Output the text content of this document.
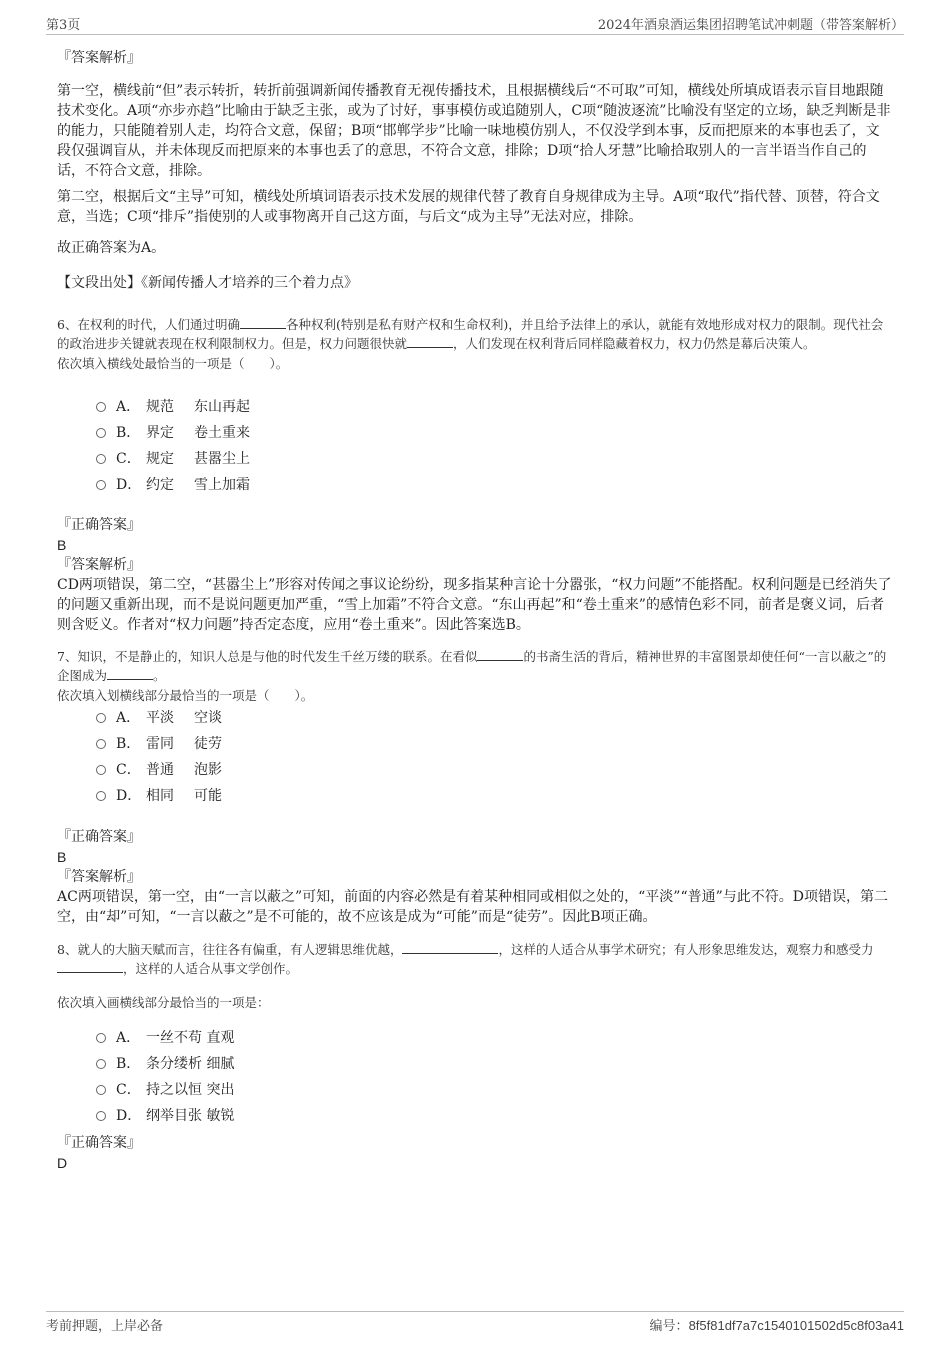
第3页	2024年酒泉酒运集团招聘笔试冲刺题（带答案解析）

『答案解析』

第一空，横线前“但”表示转折，转折前强调新闻传播教育无视传播技术，且根据横线后“不可取”可知，横线处所填成语表示盲目地跟随技术变化。A项“亦步亦趋”比喻由于缺乏主张，或为了讨好，事事模仿或追随别人，C项“随波逐流”比喻没有坚定的立场，缺乏判断是非的能力，只能随着别人走，均符合文意，保留；B项“邯郸学步”比喻一味地模仿别人，不仅没学到本事，反而把原来的本事也丢了，文段仅强调盲从，并未体现反而把原来的本事也丢了的意思，不符合文意，排除；D项“拾人牙慧”比喻拾取别人的一言半语当作自己的话，不符合文意，排除。

第二空，根据后文“主导”可知，横线处所填词语表示技术发展的规律代替了教育自身规律成为主导。A项“取代”指代替、顶替，符合文意，当选；C项“排斥”指使别的人或事物离开自己这方面，与后文“成为主导”无法对应，排除。

故正确答案为A。

【文段出处】《新闻传播人才培养的三个着力点》

6、在权利的时代，人们通过明确	各种权利(特别是私有财产权和生命权利)，并且给予法律上的承认，就能有效地形成对权力的限制。现代社会的政治进步关键就表现在权利限制权力。但是，权力问题很快就	，人们发现在权利背后同样隐藏着权力，权力仍然是幕后决策人。

依次填入横线处最恰当的一项是（　　）。

A． 规范 东山再起
B． 界定 卷土重来
C． 规定 甚嚣尘上
D． 约定 雪上加霜

『正确答案』

B

『答案解析』

CD两项错误，第二空，“甚嚣尘上”形容对传闻之事议论纷纷，现多指某种言论十分嚣张，“权力问题”不能搭配。权利问题是已经消失了的问题又重新出现，而不是说问题更加严重，“雪上加霜”不符合文意。“东山再起”和“卷土重来”的感情色彩不同，前者是褒义词，后者则含贬义。作者对“权力问题”持否定态度，应用“卷土重来”。因此答案选B。

7、知识，不是静止的，知识人总是与他的时代发生千丝万缕的联系。在看似	的书斋生活的背后，精神世界的丰富图景却使任何“一言以蔽之”的企图成为	。

依次填入划横线部分最恰当的一项是（　　）。

A． 平淡 空谈
B． 雷同 徒劳
C． 普通 泡影
D． 相同 可能

『正确答案』

B

『答案解析』

AC两项错误，第一空，由“一言以蔽之”可知，前面的内容必然是有着某种相同或相似之处的，“平淡”“普通”与此不符。D项错误，第二空，由“却”可知，“一言以蔽之”是不可能的，故不应该是成为“可能”而是“徒劳”。因此B项正确。

8、就人的大脑天赋而言，往往各有偏重，有人逻辑思维优越，	，这样的人适合从事学术研究；有人形象思维发达，观察力和感受力，这样的人适合从事文学创作。

依次填入画横线部分最恰当的一项是：

A． 一丝不苟 直观
B． 条分缕析 细腻
C． 持之以恒 突出
D． 纲举目张 敏锐

『正确答案』

D

考前押题，上岸必备	编号：8f5f81df7a7c1540101502d5c8f03a41
